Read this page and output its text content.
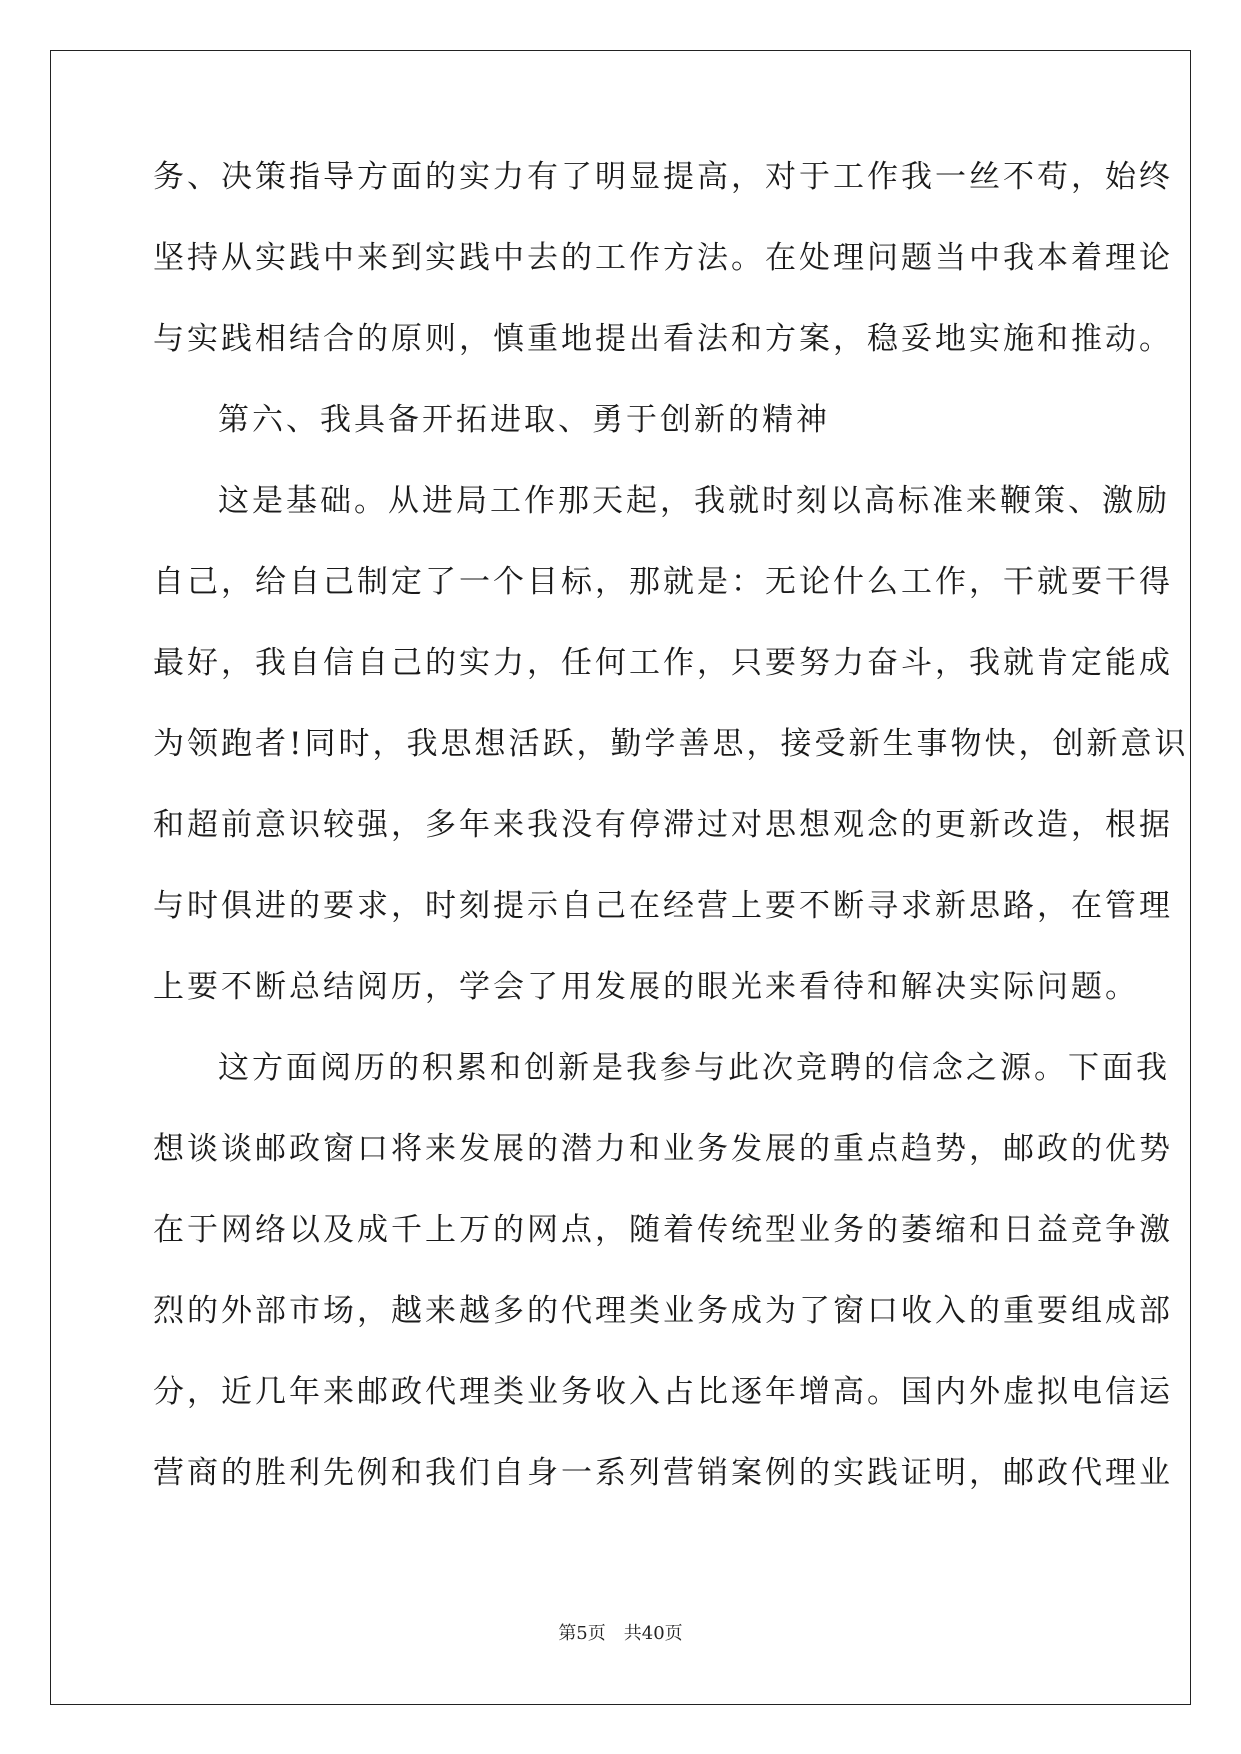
务、决策指导方面的实力有了明显提高，对于工作我一丝不苟，始终
坚持从实践中来到实践中去的工作方法。在处理问题当中我本着理论
与实践相结合的原则，慎重地提出看法和方案，稳妥地实施和推动。
第六、我具备开拓进取、勇于创新的精神
这是基础。从进局工作那天起，我就时刻以高标准来鞭策、激励
自己，给自己制定了一个目标，那就是：无论什么工作，干就要干得
最好，我自信自己的实力，任何工作，只要努力奋斗，我就肯定能成
为领跑者!同时，我思想活跃，勤学善思，接受新生事物快，创新意识
和超前意识较强，多年来我没有停滞过对思想观念的更新改造，根据
与时俱进的要求，时刻提示自己在经营上要不断寻求新思路，在管理
上要不断总结阅历，学会了用发展的眼光来看待和解决实际问题。
这方面阅历的积累和创新是我参与此次竞聘的信念之源。下面我
想谈谈邮政窗口将来发展的潜力和业务发展的重点趋势，邮政的优势
在于网络以及成千上万的网点，随着传统型业务的萎缩和日益竞争激
烈的外部市场，越来越多的代理类业务成为了窗口收入的重要组成部
分，近几年来邮政代理类业务收入占比逐年增高。国内外虚拟电信运
营商的胜利先例和我们自身一系列营销案例的实践证明，邮政代理业
第5页 共40页
